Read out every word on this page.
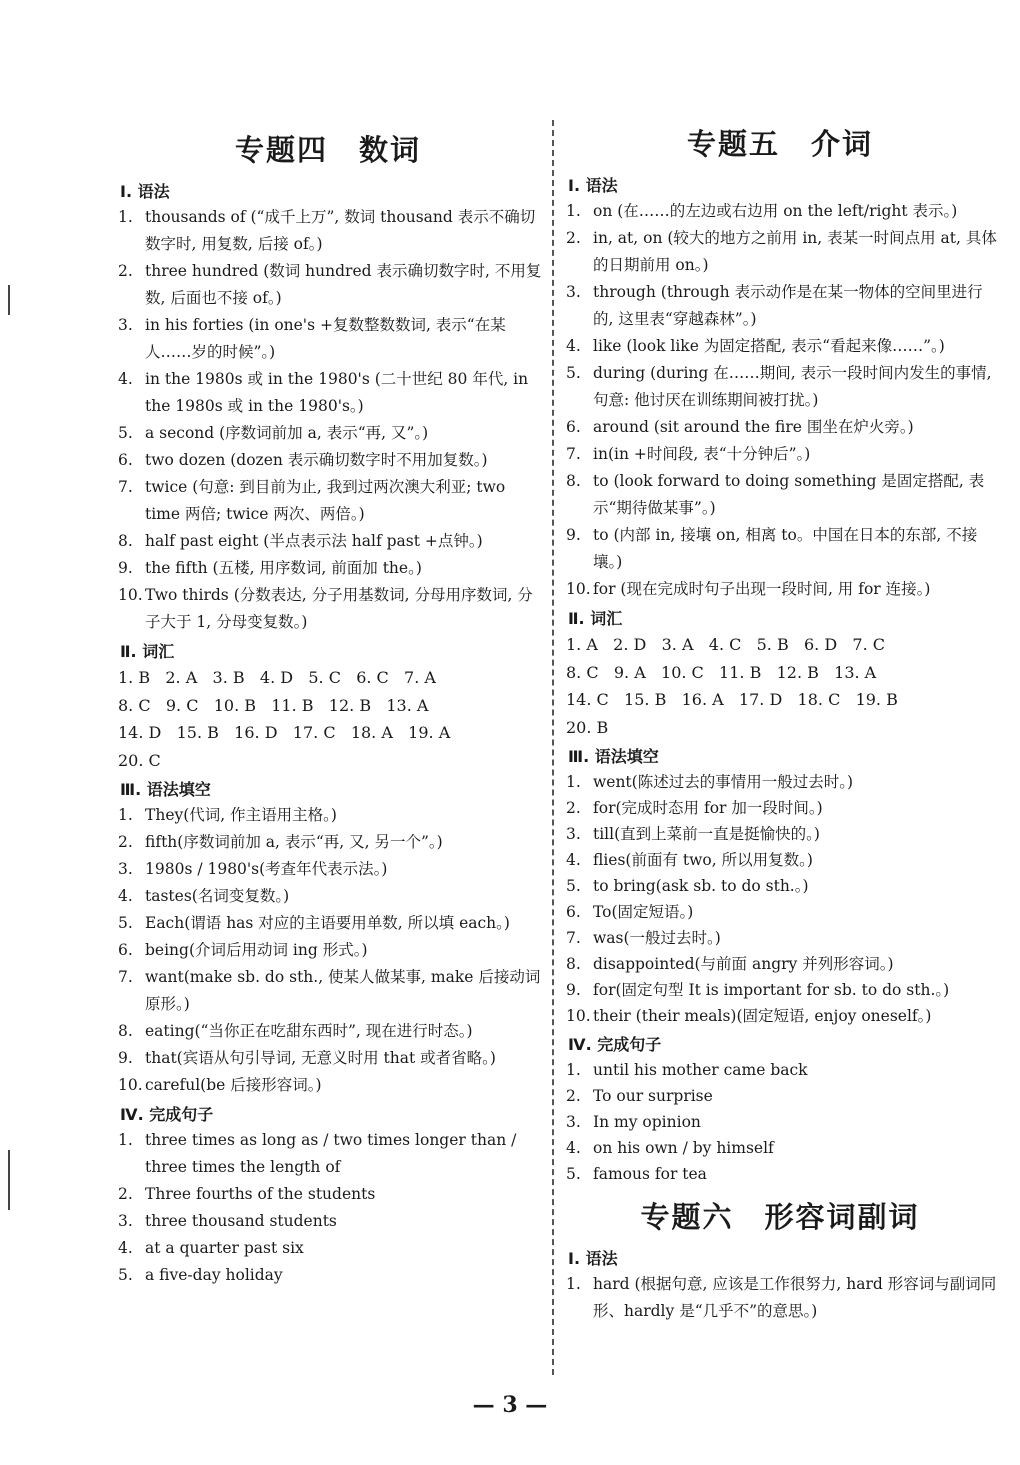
专题四　数词
Ⅰ. 语法
1. thousands of (“成千上万”, 数词 thousand 表示不确切数字时, 用复数, 后接 of。)
2. three hundred (数词 hundred 表示确切数字时, 不用复数, 后面也不接 of。)
3. in his forties (in one's +复数整数数词, 表示“在某人……岁的时候”。)
4. in the 1980s 或 in the 1980's (二十世纪 80 年代, in the 1980s 或 in the 1980's。)
5. a second (序数词前加 a, 表示“再, 又”。)
6. two dozen (dozen 表示确切数字时不用加复数。)
7. twice (句意: 到目前为止, 我到过两次澳大利亚; two time 两倍; twice 两次、两倍。)
8. half past eight (半点表示法 half past +点钟。)
9. the fifth (五楼, 用序数词, 前面加 the。)
10. Two thirds (分数表达, 分子用基数词, 分母用序数词, 分子大于 1, 分母变复数。)
Ⅱ. 词汇
1. B   2. A   3. B   4. D   5. C   6. C   7. A
8. C   9. C   10. B   11. B   12. B   13. A
14. D   15. B   16. D   17. C   18. A   19. A
20. C
Ⅲ. 语法填空
1. They(代词, 作主语用主格。)
2. fifth(序数词前加 a, 表示“再, 又, 另一个”。)
3. 1980s / 1980's(考查年代表示法。)
4. tastes(名词变复数。)
5. Each(谓语 has 对应的主语要用单数, 所以填 each。)
6. being(介词后用动词 ing 形式。)
7. want(make sb. do sth., 使某人做某事, make 后接动词原形。)
8. eating(“当你正在吃甜东西时”, 现在进行时态。)
9. that(宾语从句引导词, 无意义时用 that 或者省略。)
10. careful(be 后接形容词。)
Ⅳ. 完成句子
1. three times as long as / two times longer than / three times the length of
2. Three fourths of the students
3. three thousand students
4. at a quarter past six
5. a five-day holiday
专题五　介词
Ⅰ. 语法
1. on (在……的左边或右边用 on the left/right 表示。)
2. in, at, on (较大的地方之前用 in, 表某一时间点用 at, 具体的日期前用 on。)
3. through (through 表示动作是在某一物体的空间里进行的, 这里表“穿越森林”。)
4. like (look like 为固定搭配, 表示“看起来像……”。)
5. during (during 在……期间, 表示一段时间内发生的事情, 句意: 他讨厌在训练期间被打扰。)
6. around (sit around the fire 围坐在炉火旁。)
7. in(in +时间段, 表“十分钟后”。)
8. to (look forward to doing something 是固定搭配, 表示“期待做某事”。)
9. to (内部 in, 接壤 on, 相离 to。中国在日本的东部, 不接壤。)
10. for (现在完成时句子出现一段时间, 用 for 连接。)
Ⅱ. 词汇
1. A   2. D   3. A   4. C   5. B   6. D   7. C
8. C   9. A   10. C   11. B   12. B   13. A
14. C   15. B   16. A   17. D   18. C   19. B
20. B
Ⅲ. 语法填空
1. went(陈述过去的事情用一般过去时。)
2. for(完成时态用 for 加一段时间。)
3. till(直到上菜前一直是挺愉快的。)
4. flies(前面有 two, 所以用复数。)
5. to bring(ask sb. to do sth.。)
6. To(固定短语。)
7. was(一般过去时。)
8. disappointed(与前面 angry 并列形容词。)
9. for(固定句型 It is important for sb. to do sth.。)
10. their (their meals)(固定短语, enjoy oneself。)
Ⅳ. 完成句子
1. until his mother came back
2. To our surprise
3. In my opinion
4. on his own / by himself
5. famous for tea
专题六　形容词副词
Ⅰ. 语法
1. hard (根据句意, 应该是工作很努力, hard 形容词与副词同形、hardly 是“几乎不”的意思。)
— 3 —
